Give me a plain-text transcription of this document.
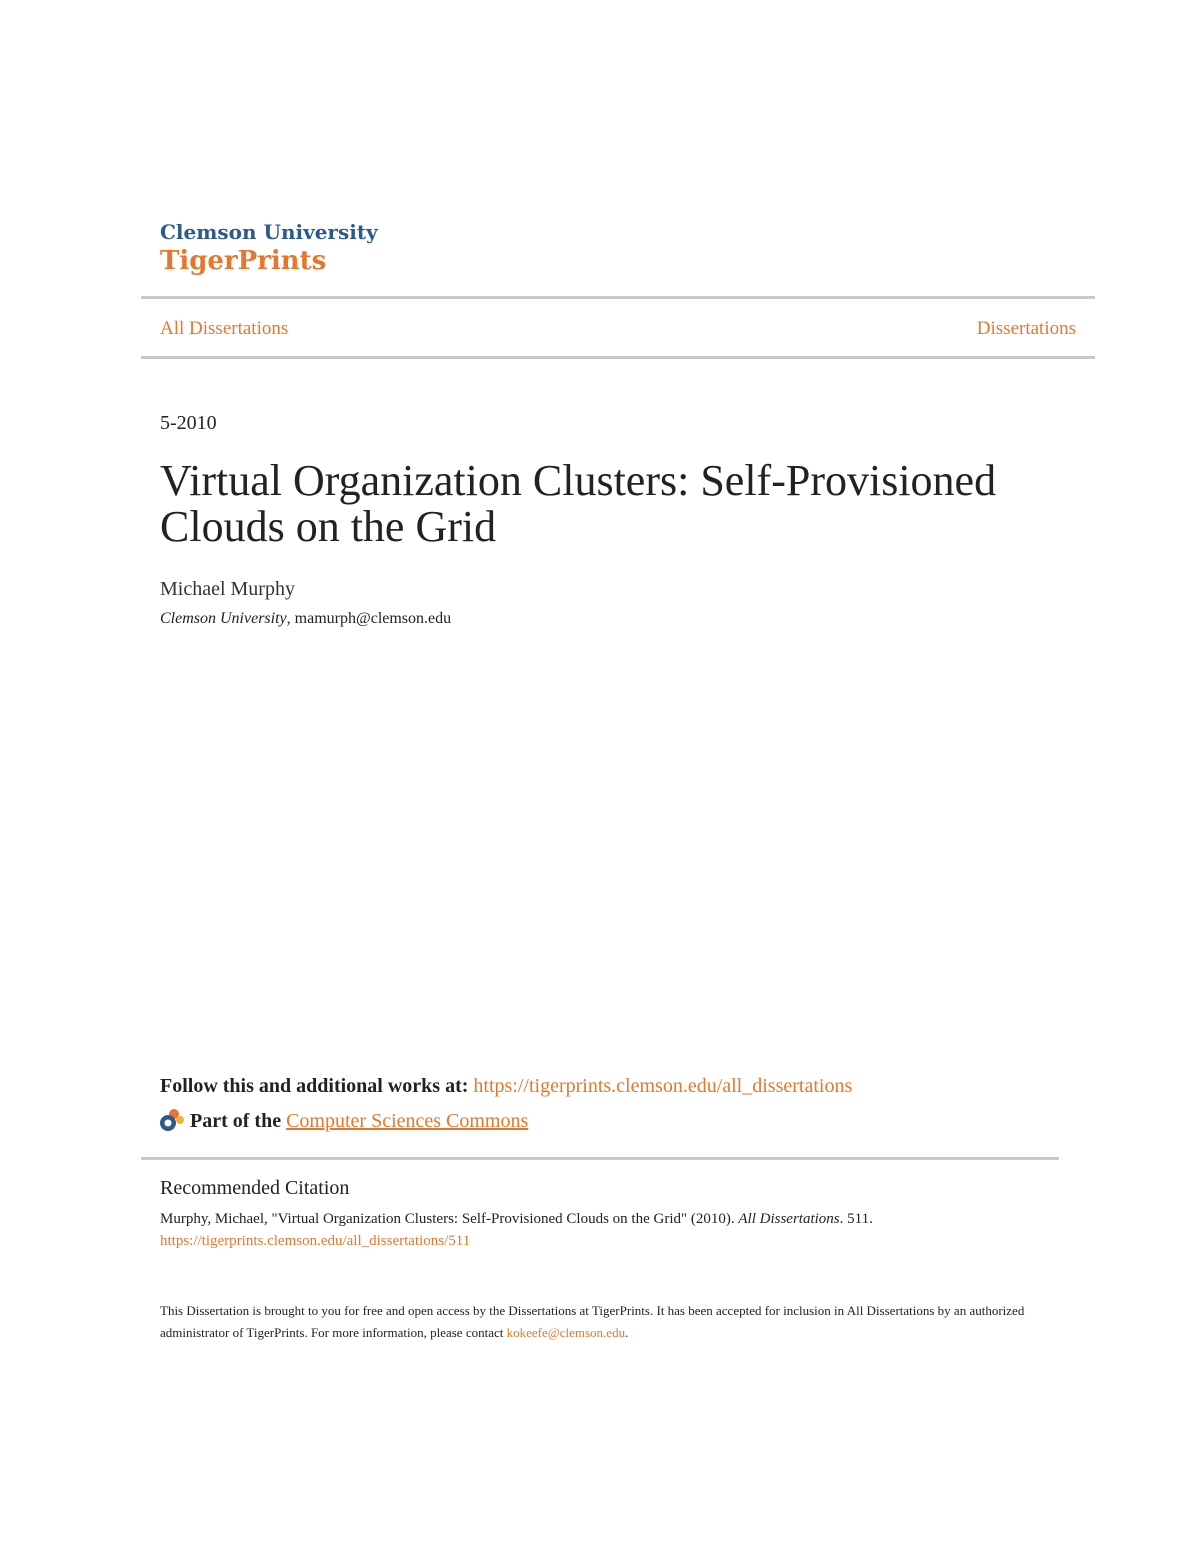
Clemson University
TigerPrints
All Dissertations	Dissertations
5-2010
Virtual Organization Clusters: Self-Provisioned
Clouds on the Grid
Michael Murphy
Clemson University, mamurph@clemson.edu
Follow this and additional works at: https://tigerprints.clemson.edu/all_dissertations
Part of the
Computer Sciences Commons
Recommended Citation
Murphy, Michael, "Virtual Organization Clusters: Self-Provisioned Clouds on the Grid" (2010). All Dissertations. 511.
https://tigerprints.clemson.edu/all_dissertations/511
This Dissertation is brought to you for free and open access by the Dissertations at TigerPrints. It has been accepted for inclusion in All Dissertations by an authorized administrator of TigerPrints. For more information, please contact kokeefe@clemson.edu.
